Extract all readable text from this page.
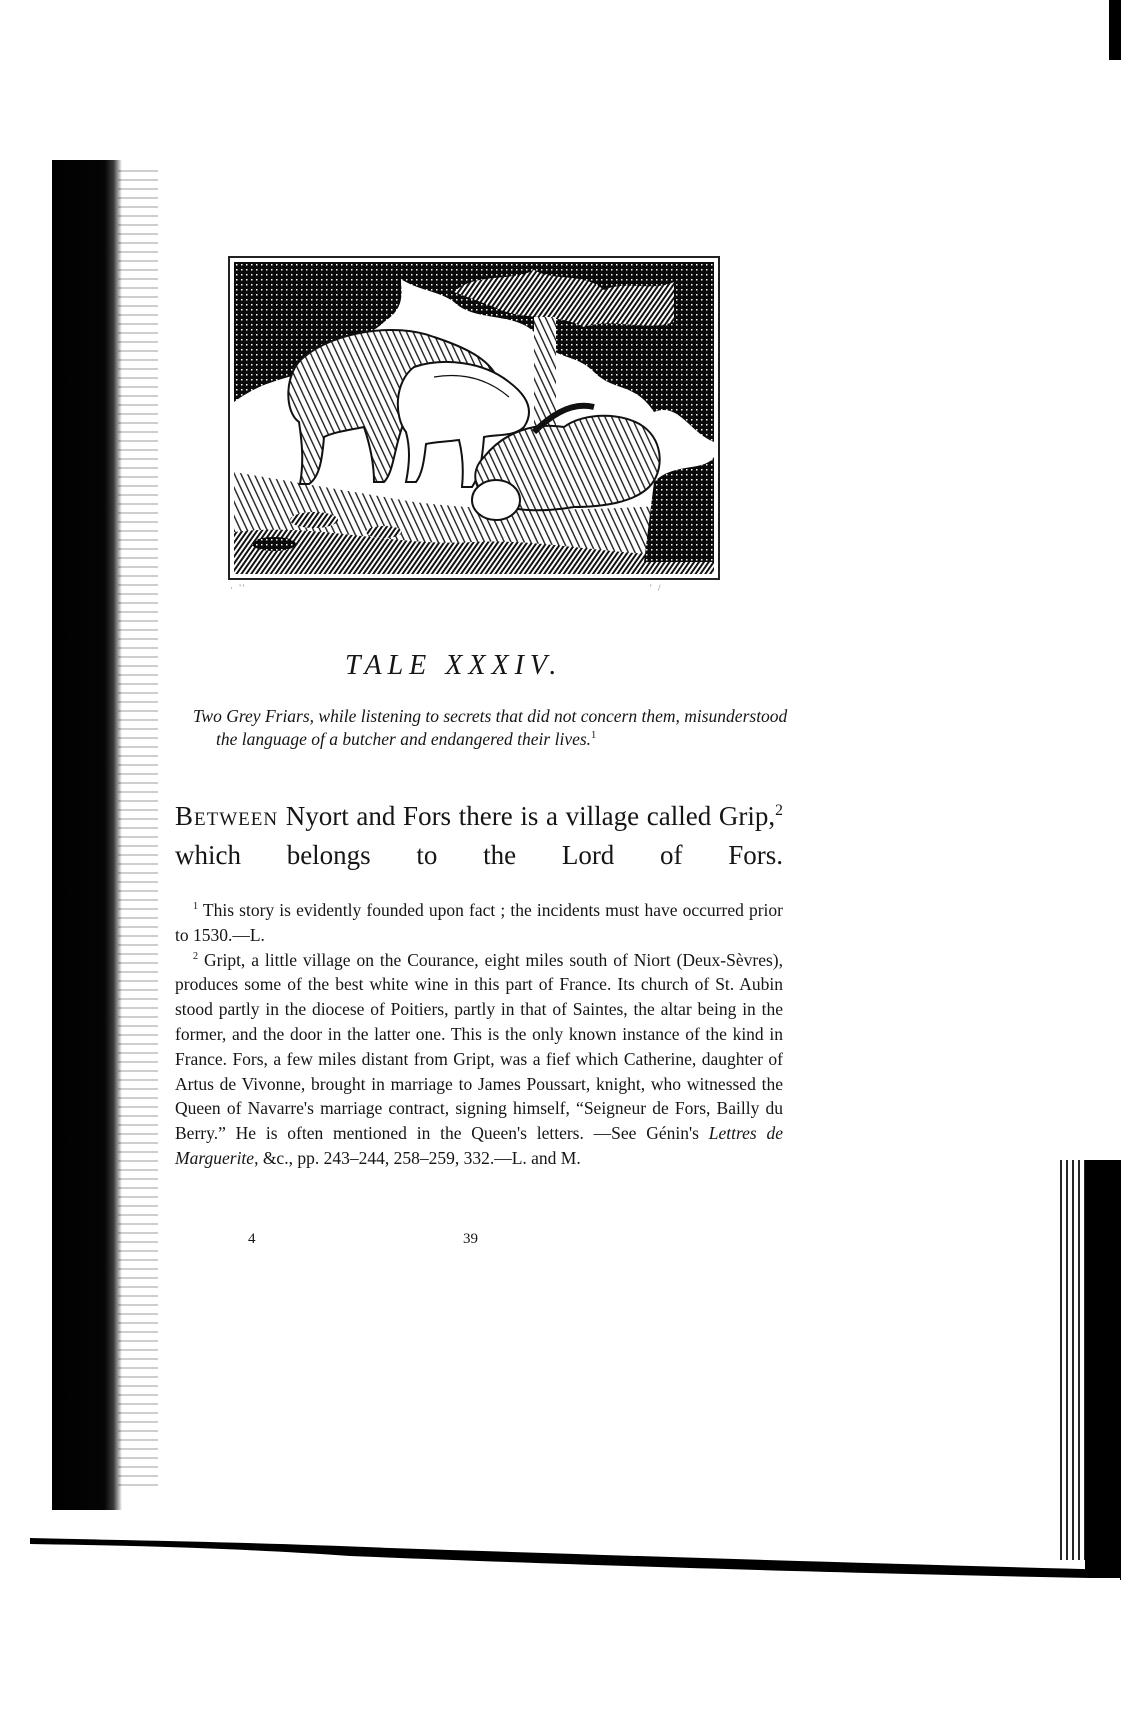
· ''	' /
TALE XXXIV.
Two Grey Friars, while listening to secrets that did not concern them, misunderstood the language of a butcher and endangered their lives.$^1$
Between Nyort and Fors there is a village called Grip,$^2$ which belongs to the Lord of Fors.

$^1$ This story is evidently founded upon fact ; the incidents must have occurred prior to 1530.—L.

$^2$ Gript, a little village on the Courance, eight miles south of Niort (Deux-Sèvres), produces some of the best white wine in this part of France. Its church of St. Aubin stood partly in the diocese of Poitiers, partly in that of Saintes, the altar being in the former, and the door in the latter one. This is the only known instance of the kind in France. Fors, a few miles distant from Gript, was a fief which Catherine, daughter of Artus de Vivonne, brought in marriage to James Poussart, knight, who witnessed the Queen of Navarre's marriage contract, signing himself, “Seigneur de Fors, Bailly du Berry.” He is often mentioned in the Queen's letters. —See Génin's Lettres de Marguerite, &c., pp. 243–244, 258–259, 332.—L. and M.

4	39
